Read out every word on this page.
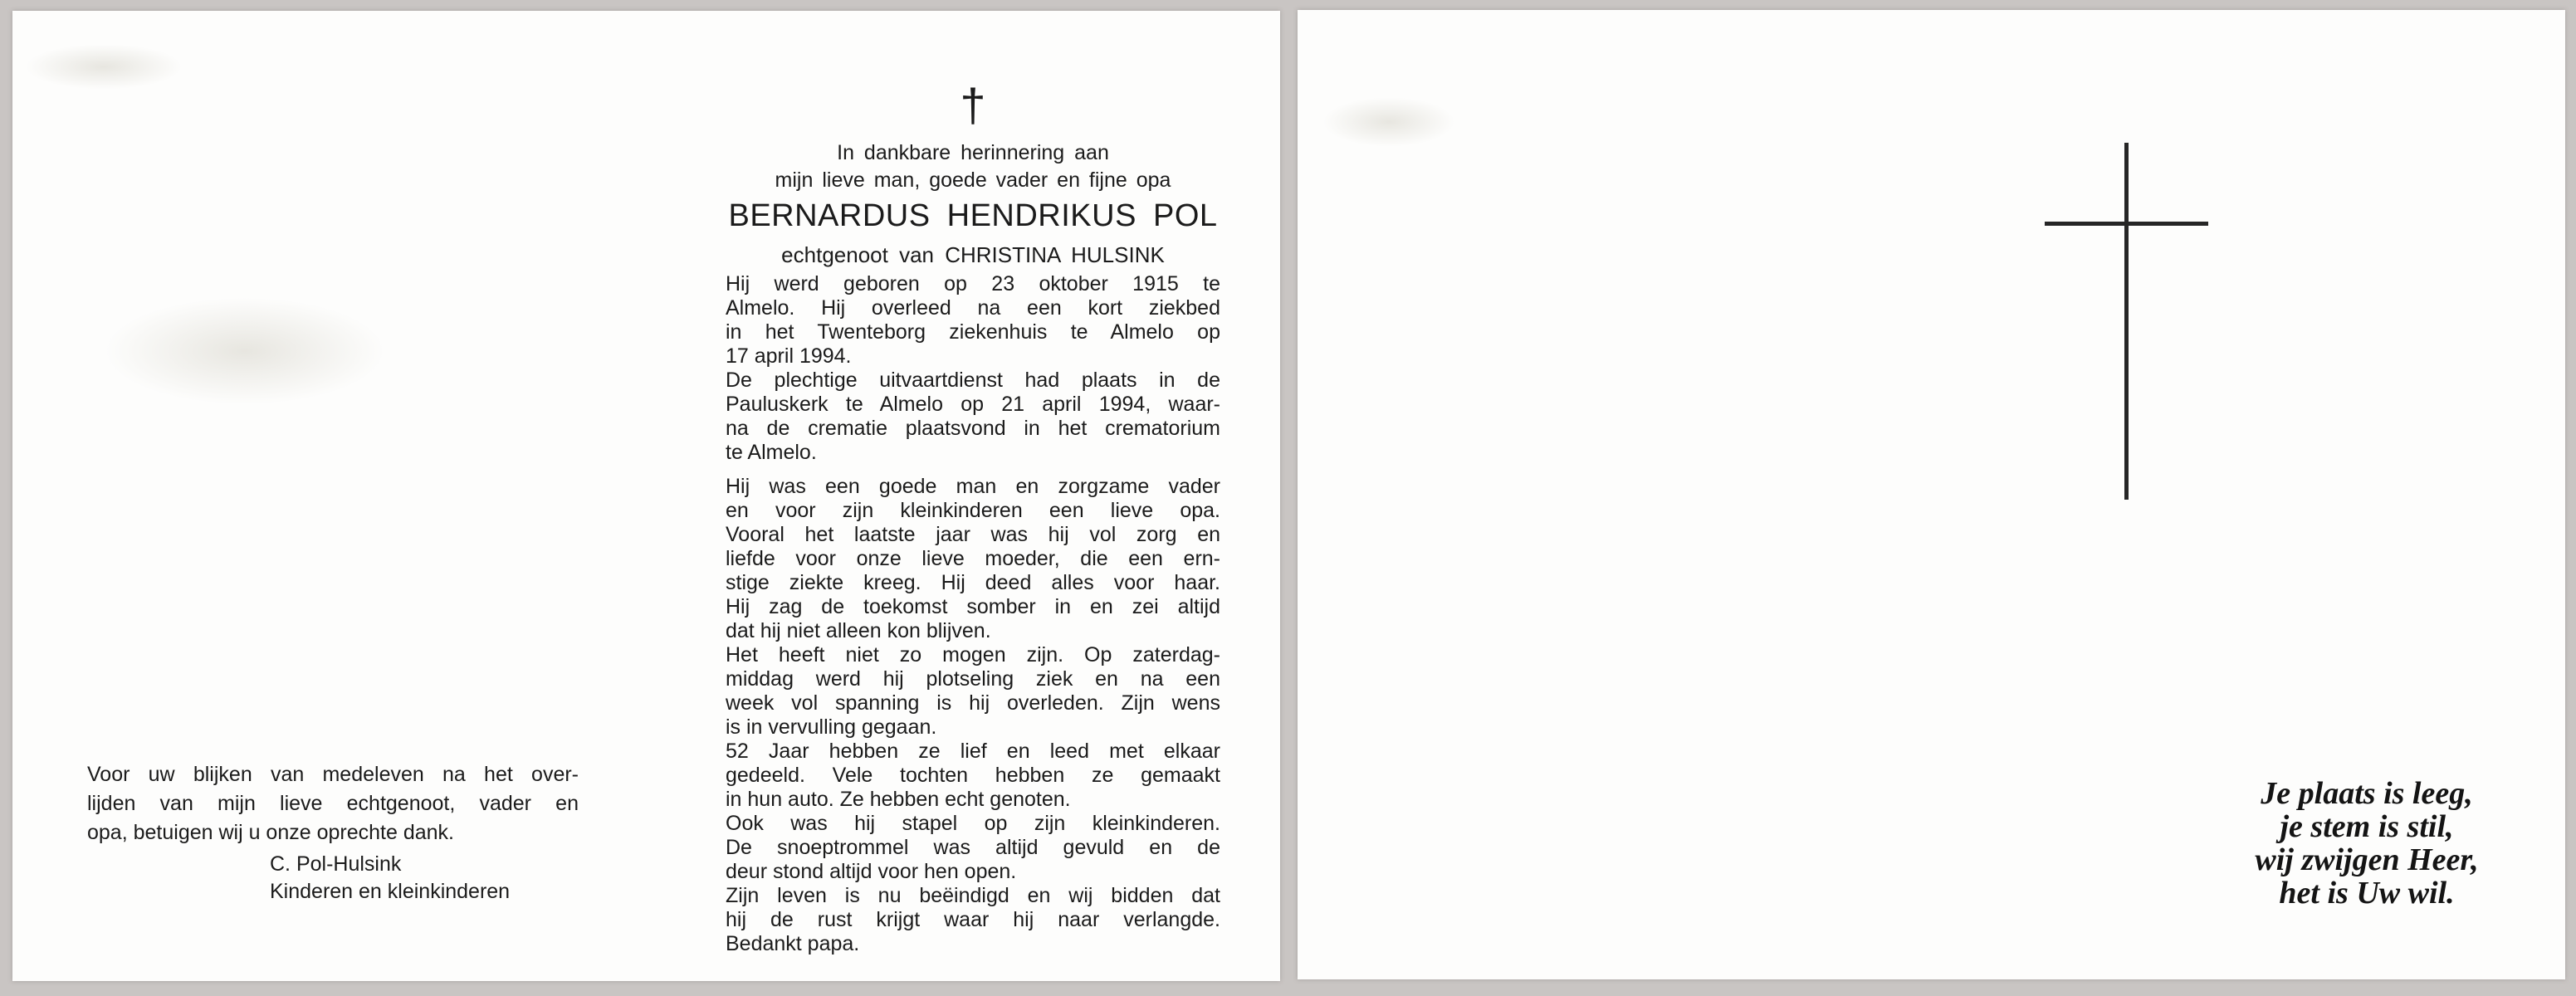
Voor uw blijken van medeleven na het over-
lijden van mijn lieve echtgenoot, vader en
opa, betuigen wij u onze oprechte dank.
C. Pol-Hulsink
Kinderen en kleinkinderen
†
In dankbare herinnering aan
mijn lieve man, goede vader en fijne opa
BERNARDUS HENDRIKUS POL
echtgenoot van CHRISTINA HULSINK
Hij werd geboren op 23 oktober 1915 te
Almelo. Hij overleed na een kort ziekbed
in het Twenteborg ziekenhuis te Almelo op
17 april 1994.
De plechtige uitvaartdienst had plaats in de
Pauluskerk te Almelo op 21 april 1994, waar-
na de crematie plaatsvond in het crematorium
te Almelo.
Hij was een goede man en zorgzame vader
en voor zijn kleinkinderen een lieve opa.
Vooral het laatste jaar was hij vol zorg en
liefde voor onze lieve moeder, die een ern-
stige ziekte kreeg. Hij deed alles voor haar.
Hij zag de toekomst somber in en zei altijd
dat hij niet alleen kon blijven.
Het heeft niet zo mogen zijn. Op zaterdag-
middag werd hij plotseling ziek en na een
week vol spanning is hij overleden. Zijn wens
is in vervulling gegaan.
52 Jaar hebben ze lief en leed met elkaar
gedeeld. Vele tochten hebben ze gemaakt
in hun auto. Ze hebben echt genoten.
Ook was hij stapel op zijn kleinkinderen.
De snoeptrommel was altijd gevuld en de
deur stond altijd voor hen open.
Zijn leven is nu beëindigd en wij bidden dat
hij de rust krijgt waar hij naar verlangde.
Bedankt papa.
Je plaats is leeg,
je stem is stil,
wij zwijgen Heer,
het is Uw wil.
